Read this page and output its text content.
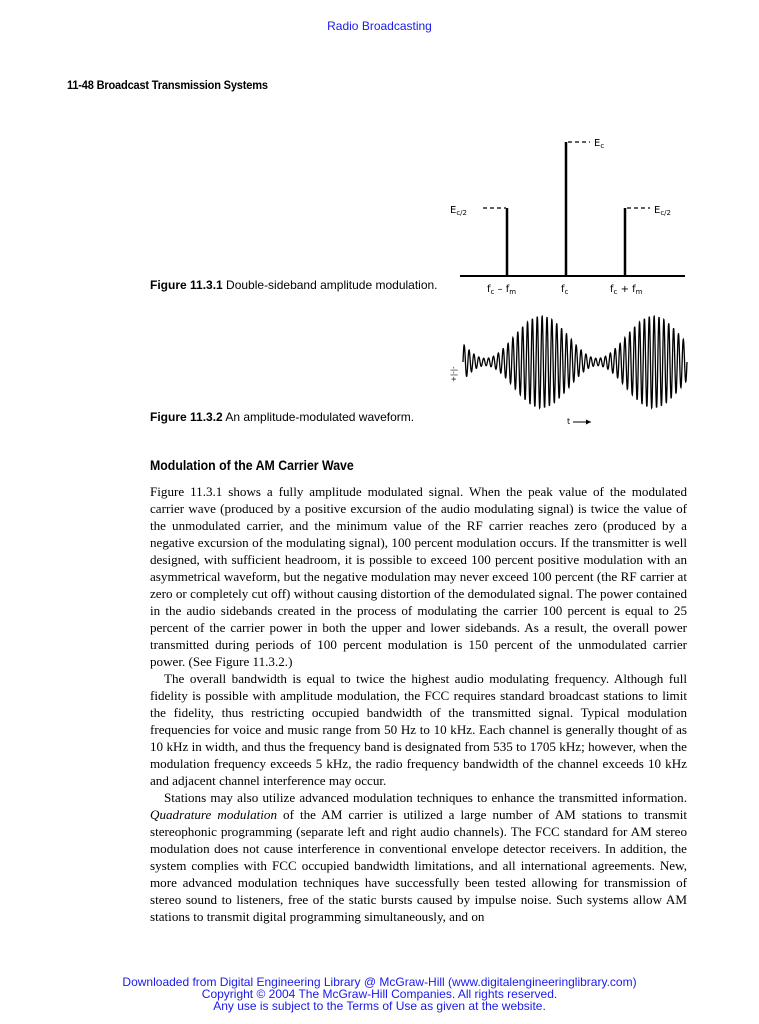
Radio Broadcasting
11-48 Broadcast Transmission Systems
$E_c$
$E_{c/2}$	$E_{c/2}$
$f_c - f_m$	$f_c$	$f_c + f_m$
Figure 11.3.1 Double-sideband amplitude modulation.
+|-|-
t
Figure 11.3.2 An amplitude-modulated waveform.
Modulation of the AM Carrier Wave

Figure 11.3.1 shows a fully amplitude modulated signal. When the peak value of the modulated carrier wave (produced by a positive excursion of the audio modulating signal) is twice the value of the unmodulated carrier, and the minimum value of the RF carrier reaches zero (produced by a negative excursion of the modulating signal), 100 percent modulation occurs. If the transmitter is well designed, with sufficient headroom, it is possible to exceed 100 percent positive modulation with an asymmetrical waveform, but the negative modulation may never exceed 100 percent (the RF carrier at zero or completely cut off) without causing distortion of the demodulated signal. The power contained in the audio sidebands created in the process of modulating the carrier 100 percent is equal to 25 percent of the carrier power in both the upper and lower sidebands. As a result, the overall power transmitted during periods of 100 percent modulation is 150 percent of the unmodulated carrier power. (See Figure 11.3.2.)

The overall bandwidth is equal to twice the highest audio modulating frequency. Although full fidelity is possible with amplitude modulation, the FCC requires standard broadcast stations to limit the fidelity, thus restricting occupied bandwidth of the transmitted signal. Typical modulation frequencies for voice and music range from 50 Hz to 10 kHz. Each channel is generally thought of as 10 kHz in width, and thus the frequency band is designated from 535 to 1705 kHz; however, when the modulation frequency exceeds 5 kHz, the radio frequency bandwidth of the channel exceeds 10 kHz and adjacent channel interference may occur.

Stations may also utilize advanced modulation techniques to enhance the transmitted information. Quadrature modulation of the AM carrier is utilized a large number of AM stations to transmit stereophonic programming (separate left and right audio channels). The FCC standard for AM stereo modulation does not cause interference in conventional envelope detector receivers. In addition, the system complies with FCC occupied bandwidth limitations, and all international agreements. New, more advanced modulation techniques have successfully been tested allowing for transmission of stereo sound to listeners, free of the static bursts caused by impulse noise. Such systems allow AM stations to transmit digital programming simultaneously, and on

Downloaded from Digital Engineering Library @ McGraw-Hill (www.digitalengineeringlibrary.com)
Copyright © 2004 The McGraw-Hill Companies. All rights reserved.
Any use is subject to the Terms of Use as given at the website.
